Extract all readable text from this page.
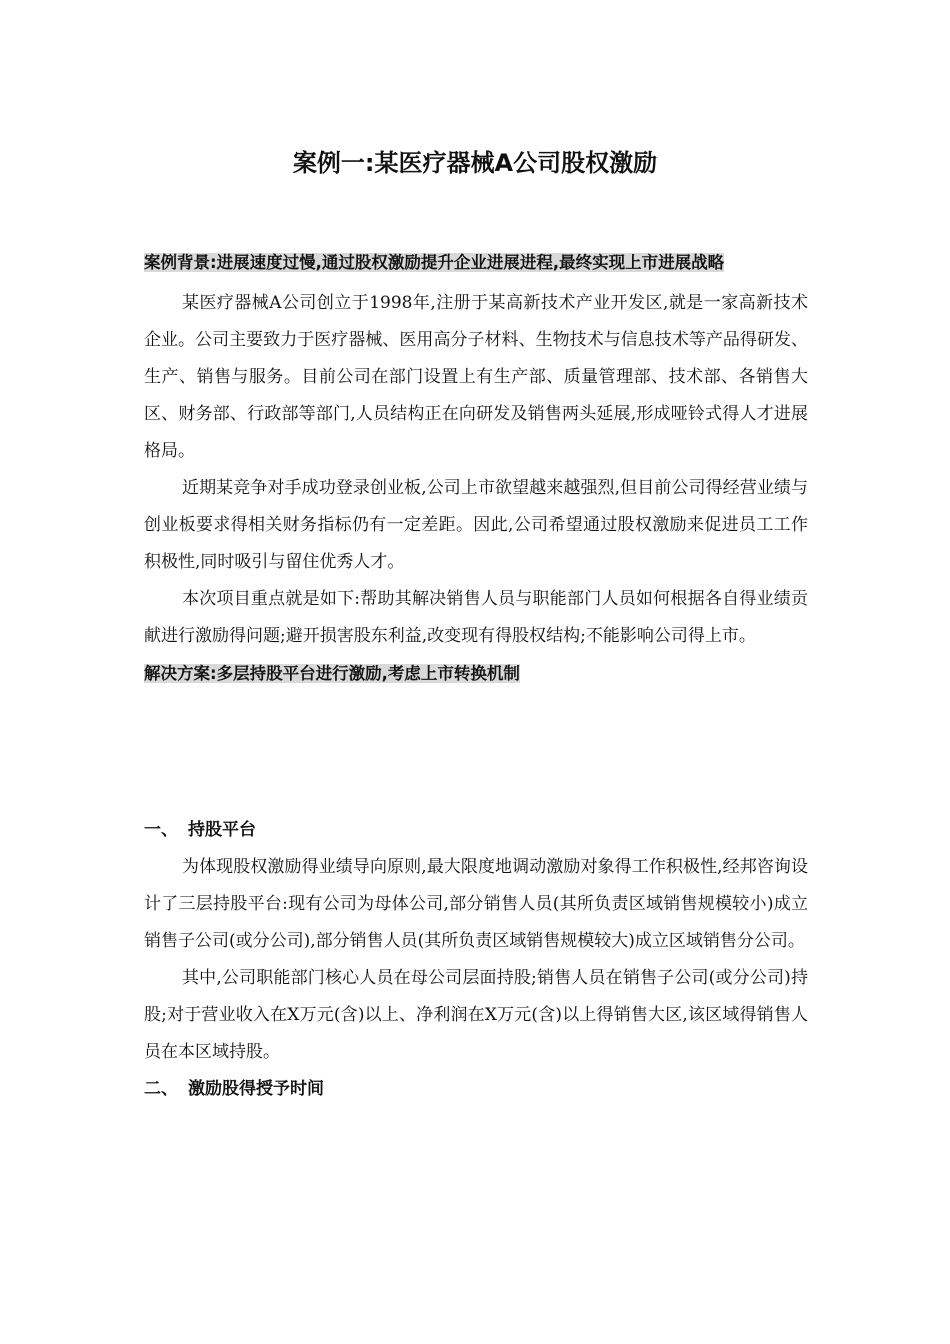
案例一:某医疗器械A公司股权激励

案例背景:进展速度过慢,通过股权激励提升企业进展进程,最终实现上市进展战略

某医疗器械A公司创立于1998年,注册于某高新技术产业开发区,就是一家高新技术企业。公司主要致力于医疗器械、医用高分子材料、生物技术与信息技术等产品得研发、生产、销售与服务。目前公司在部门设置上有生产部、质量管理部、技术部、各销售大区、财务部、行政部等部门,人员结构正在向研发及销售两头延展,形成哑铃式得人才进展格局。

近期某竞争对手成功登录创业板,公司上市欲望越来越强烈,但目前公司得经营业绩与创业板要求得相关财务指标仍有一定差距。因此,公司希望通过股权激励来促进员工工作积极性,同时吸引与留住优秀人才。

本次项目重点就是如下:帮助其解决销售人员与职能部门人员如何根据各自得业绩贡献进行激励得问题;避开损害股东利益,改变现有得股权结构;不能影响公司得上市。

解决方案:多层持股平台进行激励,考虑上市转换机制

一、 持股平台

为体现股权激励得业绩导向原则,最大限度地调动激励对象得工作积极性,经邦咨询设计了三层持股平台:现有公司为母体公司,部分销售人员(其所负责区域销售规模较小)成立销售子公司(或分公司),部分销售人员(其所负责区域销售规模较大)成立区域销售分公司。

其中,公司职能部门核心人员在母公司层面持股;销售人员在销售子公司(或分公司)持股;对于营业收入在X万元(含)以上、净利润在X万元(含)以上得销售大区,该区域得销售人员在本区域持股。

二、 激励股得授予时间
